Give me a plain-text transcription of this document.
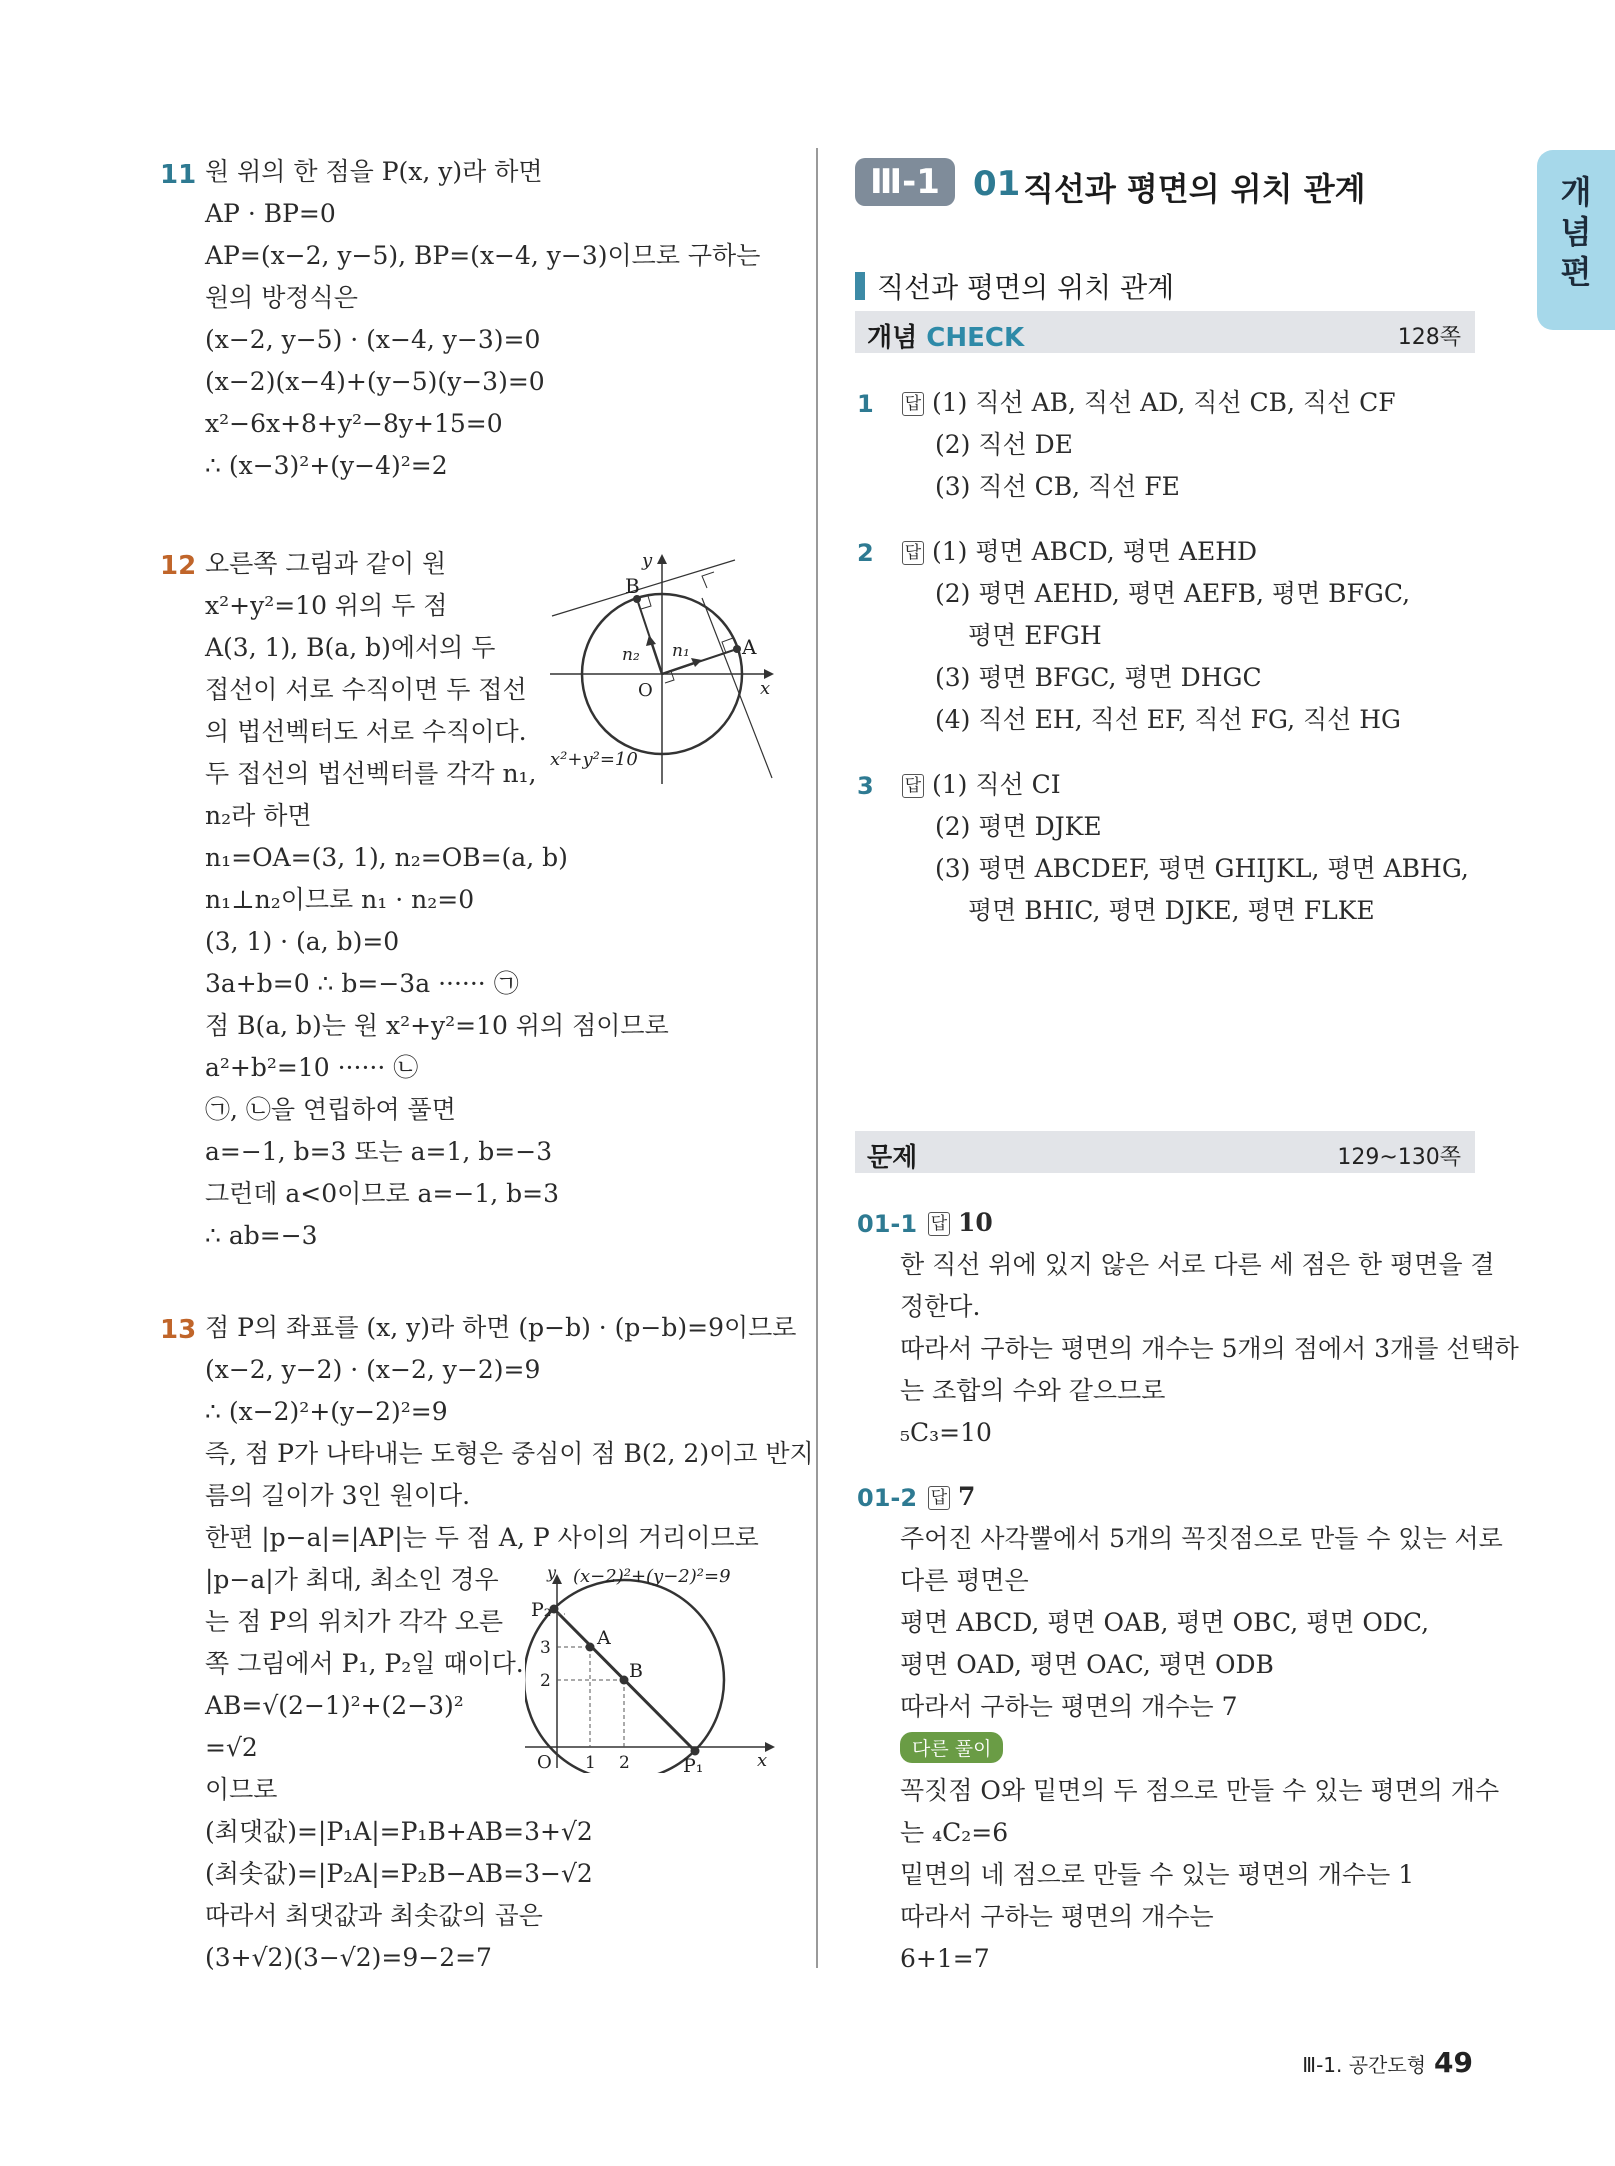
개
념
편
11 원 위의 한 점을 P(x, y)라 하면
AP · BP=0
AP=(x−2, y−5), BP=(x−4, y−3)이므로 구하는
원의 방정식은
(x−2, y−5) · (x−4, y−3)=0
(x−2)(x−4)+(y−5)(y−3)=0
x²−6x+8+y²−8y+15=0
∴ (x−3)²+(y−4)²=2
12 오른쪽 그림과 같이 원
x²+y²=10 위의 두 점
A(3, 1), B(a, b)에서의 두
접선이 서로 수직이면 두 접선
의 법선벡터도 서로 수직이다.
두 접선의 법선벡터를 각각 n₁,
n₂라 하면
n₁=OA=(3, 1), n₂=OB=(a, b)
n₁⊥n₂이므로 n₁ · n₂=0
(3, 1) · (a, b)=0
3a+b=0 ∴ b=−3a ······ ㉠
점 B(a, b)는 원 x²+y²=10 위의 점이므로
a²+b²=10 ······ ㉡
㉠, ㉡을 연립하여 풀면
a=−1, b=3 또는 a=1, b=−3
그런데 a<0이므로 a=−1, b=3
∴ ab=−3
B
A
O	x
y
n₁
n₂
x²+y²=10
13 점 P의 좌표를 (x, y)라 하면 (p−b) · (p−b)=9이므로
(x−2, y−2) · (x−2, y−2)=9
∴ (x−2)²+(y−2)²=9
즉, 점 P가 나타내는 도형은 중심이 점 B(2, 2)이고 반지
름의 길이가 3인 원이다.
한편 |p−a|=|AP|는 두 점 A, P 사이의 거리이므로
|p−a|가 최대, 최소인 경우
는 점 P의 위치가 각각 오른
쪽 그림에서 P₁, P₂일 때이다.
AB=√(2−1)²+(2−3)²
=√2
이므로
(최댓값)=|P₁A|=P₁B+AB=3+√2
(최솟값)=|P₂A|=P₂B−AB=3−√2
따라서 최댓값과 최솟값의 곱은
(3+√2)(3−√2)=9−2=7
(x−2)²+(y−2)²=9
y
P₂
A
B
P₁
O 1 2
3
2
x
Ⅲ-1 01 직선과 평면의 위치 관계
직선과 평면의 위치 관계
개념 CHECK	128쪽
1 답 (1) 직선 AB, 직선 AD, 직선 CB, 직선 CF
(2) 직선 DE
(3) 직선 CB, 직선 FE
2 답 (1) 평면 ABCD, 평면 AEHD
(2) 평면 AEHD, 평면 AEFB, 평면 BFGC,
평면 EFGH
(3) 평면 BFGC, 평면 DHGC
(4) 직선 EH, 직선 EF, 직선 FG, 직선 HG
3 답 (1) 직선 CI
(2) 평면 DJKE
(3) 평면 ABCDEF, 평면 GHIJKL, 평면 ABHG,
평면 BHIC, 평면 DJKE, 평면 FLKE
문제	129~130쪽
01-1 답 10
한 직선 위에 있지 않은 서로 다른 세 점은 한 평면을 결
정한다.
따라서 구하는 평면의 개수는 5개의 점에서 3개를 선택하
는 조합의 수와 같으므로
₅C₃=10
01-2 답 7
주어진 사각뿔에서 5개의 꼭짓점으로 만들 수 있는 서로
다른 평면은
평면 ABCD, 평면 OAB, 평면 OBC, 평면 ODC,
평면 OAD, 평면 OAC, 평면 ODB
따라서 구하는 평면의 개수는 7
다른 풀이
꼭짓점 O와 밑면의 두 점으로 만들 수 있는 평면의 개수
는 ₄C₂=6
밑면의 네 점으로 만들 수 있는 평면의 개수는 1
따라서 구하는 평면의 개수는
6+1=7
Ⅲ-1. 공간도형 49
